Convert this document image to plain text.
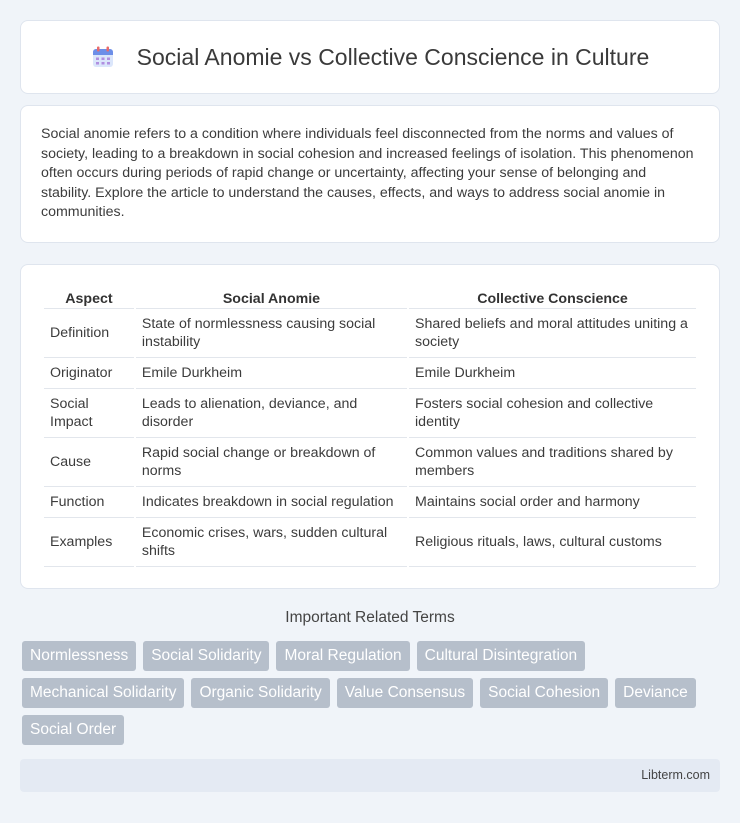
Social Anomie vs Collective Conscience in Culture

Social anomie refers to a condition where individuals feel disconnected from the norms and values of society, leading to a breakdown in social cohesion and increased feelings of isolation. This phenomenon often occurs during periods of rapid change or uncertainty, affecting your sense of belonging and stability. Explore the article to understand the causes, effects, and ways to address social anomie in communities.

Aspect	Social Anomie	Collective Conscience
Definition	State of normlessness causing social instability	Shared beliefs and moral attitudes uniting a society
Originator	Emile Durkheim	Emile Durkheim
Social Impact	Leads to alienation, deviance, and disorder	Fosters social cohesion and collective identity
Cause	Rapid social change or breakdown of norms	Common values and traditions shared by members
Function	Indicates breakdown in social regulation	Maintains social order and harmony
Examples	Economic crises, wars, sudden cultural shifts	Religious rituals, laws, cultural customs
Important Related Terms
Normlessness	Social Solidarity	Moral Regulation	Cultural Disintegration
Mechanical Solidarity	Organic Solidarity	Value Consensus	Social Cohesion	Deviance
Social Order
Libterm.com
